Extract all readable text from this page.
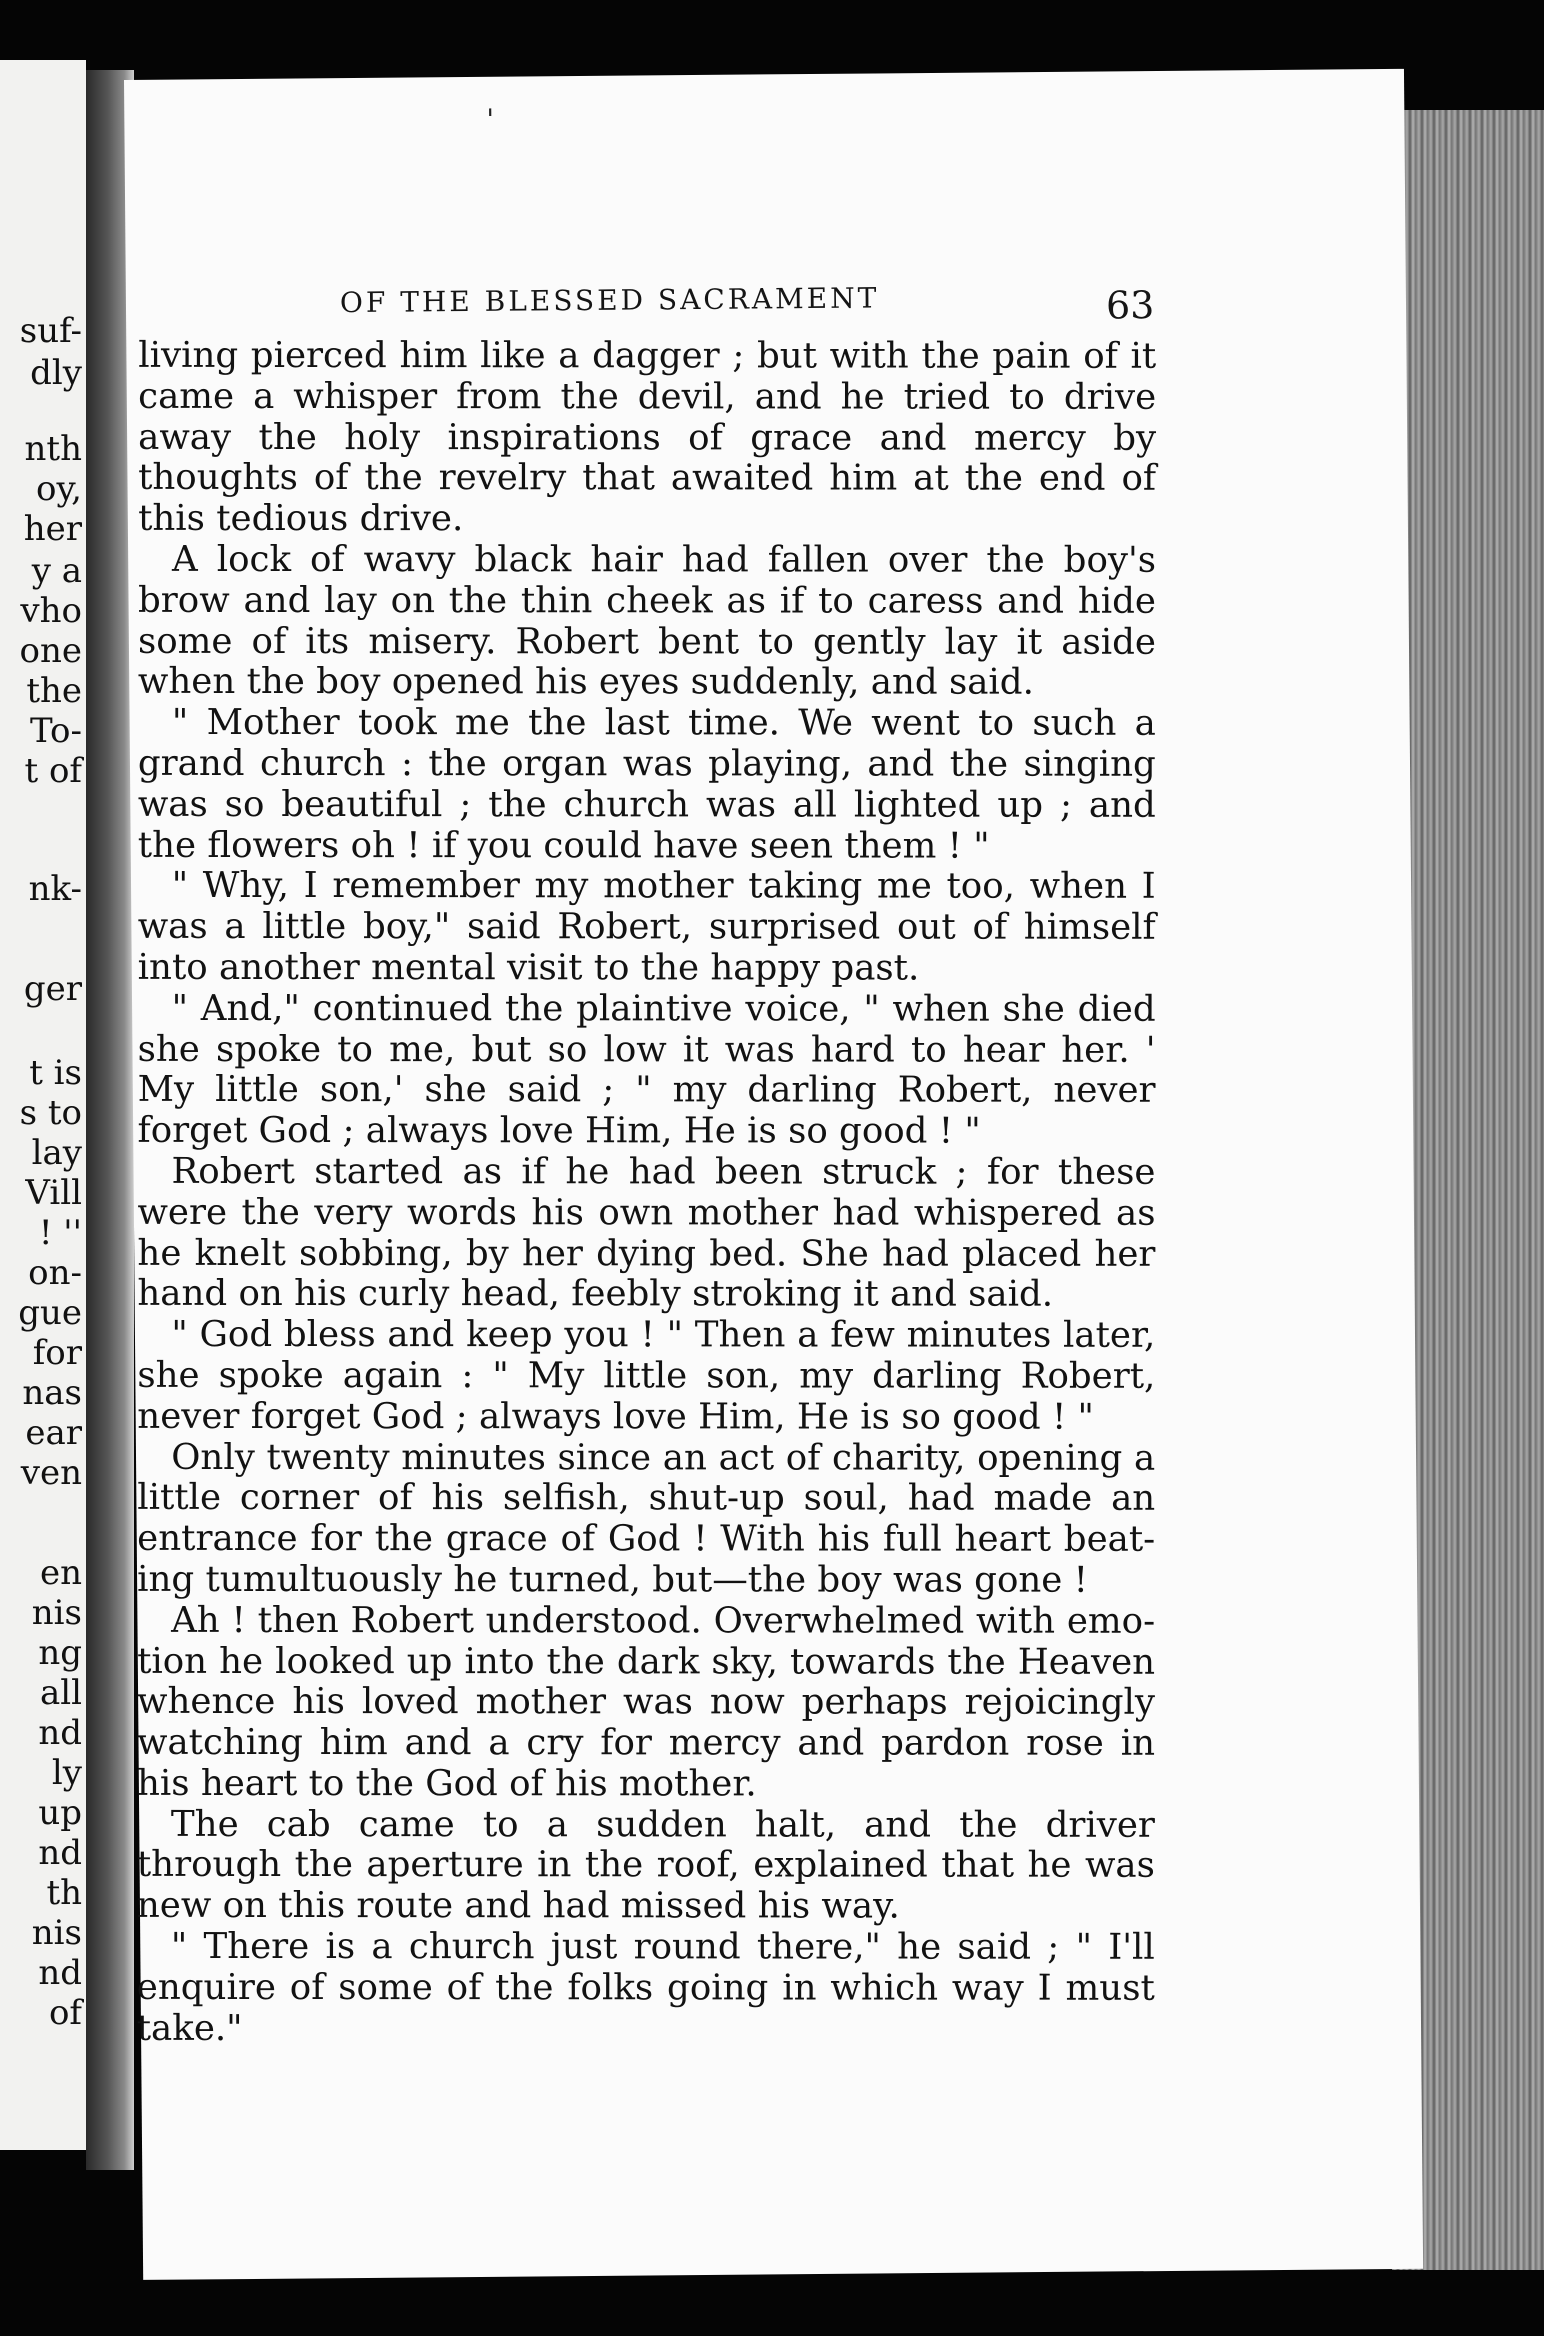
suf-
dly
nth
oy,
her
y a
vho
one
the
To-
t of
nk-
ger
t is
s to
lay
Vill
! ''
on-
gue
for
nas
ear
ven
en
nis
ng
all
nd
ly
up
nd
th
nis
nd
of
'
OF THE BLESSED SACRAMENT	63

living pierced him like a dagger ; but with the pain of it came a whisper from the devil, and he tried to drive away the holy inspirations of grace and mercy by thoughts of the revelry that awaited him at the end of this tedious drive.

A lock of wavy black hair had fallen over the boy's brow and lay on the thin cheek as if to caress and hide some of its misery. Robert bent to gently lay it aside when the boy opened his eyes suddenly, and said.

" Mother took me the last time. We went to such a grand church : the organ was playing, and the singing was so beautiful ; the church was all lighted up ; and the flowers oh ! if you could have seen them ! "

" Why, I remember my mother taking me too, when I was a little boy," said Robert, surprised out of himself into another mental visit to the happy past.

" And," continued the plaintive voice, " when she died she spoke to me, but so low it was hard to hear her. ' My little son,' she said ; " my darling Robert, never forget God ; always love Him, He is so good ! "

Robert started as if he had been struck ; for these were the very words his own mother had whispered as he knelt sobbing, by her dying bed. She had placed her hand on his curly head, feebly stroking it and said.

" God bless and keep you ! " Then a few minutes later, she spoke again : " My little son, my darling Robert, never forget God ; always love Him, He is so good ! "

Only twenty minutes since an act of charity, opening a little corner of his selfish, shut-up soul, had made an entrance for the grace of God ! With his full heart beat-ing tumultuously he turned, but—the boy was gone !

Ah ! then Robert understood. Overwhelmed with emo-tion he looked up into the dark sky, towards the Heaven whence his loved mother was now perhaps rejoicingly watching him and a cry for mercy and pardon rose in his heart to the God of his mother.

The cab came to a sudden halt, and the driver through the aperture in the roof, explained that he was new on this route and had missed his way.

" There is a church just round there," he said ; " I'll enquire of some of the folks going in which way I must take."
